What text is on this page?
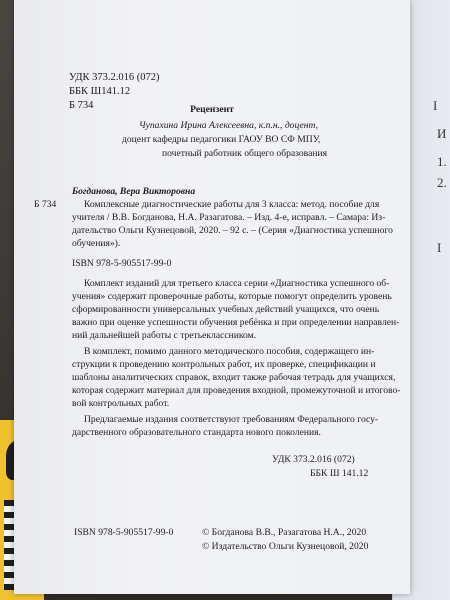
I
И
1.
2.
I
УДК 373.2.016 (072)
ББК Ш141.12
Б 734	Рецензент
Чупахина Ирина Алексеевна, к.п.н., доцент,
доцент кафедры педагогики ГАОУ ВО СФ МПУ,
почетный работник общего образования
Богданова, Вера Викторовна
Б 734	Комплексные диагностические работы для 3 класса: метод. пособие для
учителя / В.В. Богданова, Н.А. Разагатова. – Изд. 4-е, исправл. – Самара: Из-
дательство Ольги Кузнецовой, 2020. – 92 с. – (Серия «Диагностика успешного
обучения»).
ISBN 978-5-905517-99-0
Комплект изданий для третьего класса серии «Диагностика успешного об-
учения» содержит проверочные работы, которые помогут определить уровень
сформированности универсальных учебных действий учащихся, что очень
важно при оценке успешности обучения ребёнка и при определении направлен-
ний дальнейшей работы с третьеклассником.
В комплект, помимо данного методического пособия, содержащего ин-
струкции к проведению контрольных работ, их проверке, спецификации и
шаблоны аналитических справок, входит также рабочая тетрадь для учащихся,
которая содержит материал для проведения входной, промежуточной и итогово-
вой контрольных работ.
Предлагаемые издания соответствуют требованиям Федерального госу-
дарственного образовательного стандарта нового поколения.
УДК 373.2.016 (072)
ББК Ш 141.12
ISBN 978-5-905517-99-0	© Богданова В.В., Разагатова Н.А., 2020
© Издательство Ольги Кузнецовой, 2020
